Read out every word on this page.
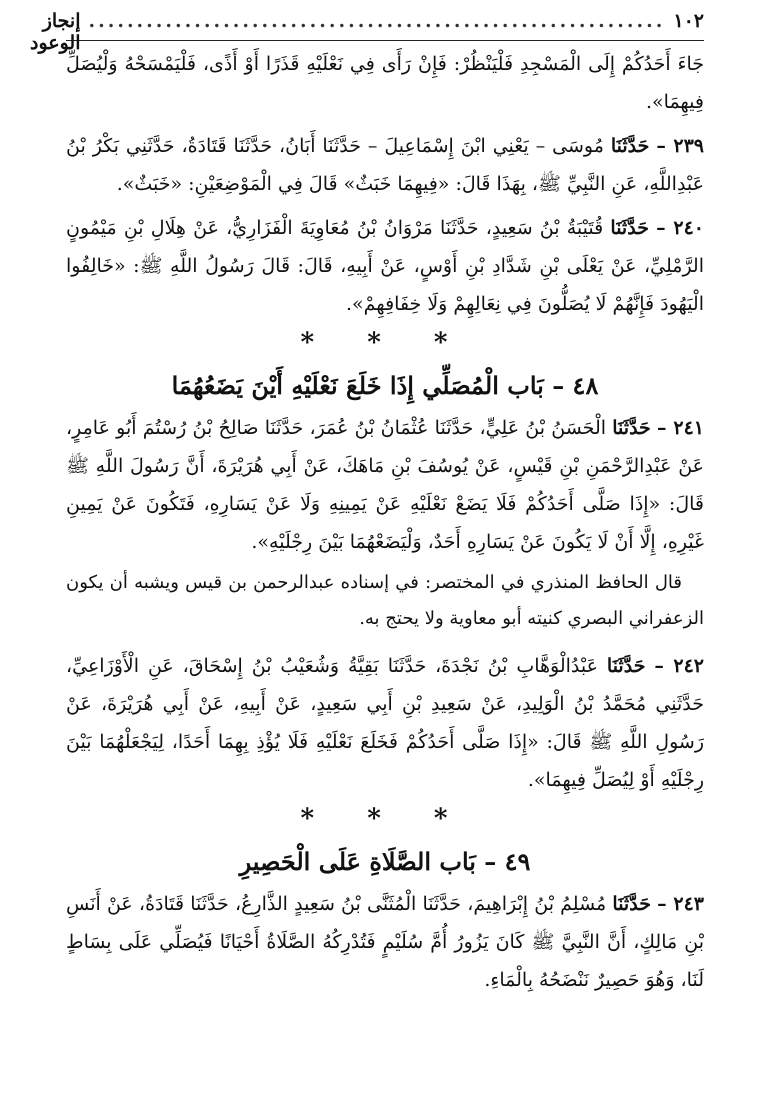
١٠٢
............................................................
إنجاز الوعود

جَاءَ أَحَدُكُمْ إِلَى الْمَسْجِدِ فَلْيَنْظُرْ: فَإِنْ رَأَى فِي نَعْلَيْهِ قَذَرًا أَوْ أَذًى، فَلْيَمْسَحْهُ وَلْيُصَلِّ فِيهِمَا».

٢٣٩ – حَدَّثَنَا مُوسَى – يَعْنِي ابْنَ إِسْمَاعِيلَ – حَدَّثَنَا أَبَانُ، حَدَّثَنَا قَتَادَةُ، حَدَّثَنِي بَكْرُ بْنُ عَبْدِاللَّهِ، عَنِ النَّبِيِّ ﷺ، بِهَذَا قَالَ: «فِيهِمَا خَبَثٌ» قَالَ فِي الْمَوْضِعَيْنِ: «خَبَثٌ».

٢٤٠ – حَدَّثَنَا قُتَيْبَةُ بْنُ سَعِيدٍ، حَدَّثَنَا مَرْوَانُ بْنُ مُعَاوِيَةَ الْفَزَارِيُّ، عَنْ هِلَالِ بْنِ مَيْمُونٍ الرَّمْلِيِّ، عَنْ يَعْلَى بْنِ شَدَّادِ بْنِ أَوْسٍ، عَنْ أَبِيهِ، قَالَ: قَالَ رَسُولُ اللَّهِ ﷺ: «خَالِفُوا الْيَهُودَ فَإِنَّهُمْ لَا يُصَلُّونَ فِي نِعَالِهِمْ وَلَا خِفَافِهِمْ».

* * *
٤٨ – بَاب الْمُصَلِّي إِذَا خَلَعَ نَعْلَيْهِ أَيْنَ يَضَعُهُمَا

٢٤١ – حَدَّثَنَا الْحَسَنُ بْنُ عَلِيٍّ، حَدَّثَنَا عُثْمَانُ بْنُ عُمَرَ، حَدَّثَنَا صَالِحُ بْنُ رُسْتُمَ أَبُو عَامِرٍ، عَنْ عَبْدِالرَّحْمَنِ بْنِ قَيْسٍ، عَنْ يُوسُفَ بْنِ مَاهَكَ، عَنْ أَبِي هُرَيْرَةَ، أَنَّ رَسُولَ اللَّهِ ﷺ قَالَ: «إِذَا صَلَّى أَحَدُكُمْ فَلَا يَضَعْ نَعْلَيْهِ عَنْ يَمِينِهِ وَلَا عَنْ يَسَارِهِ، فَتَكُونَ عَنْ يَمِينِ غَيْرِهِ، إِلَّا أَنْ لَا يَكُونَ عَنْ يَسَارِهِ أَحَدٌ، وَلْيَضَعْهُمَا بَيْنَ رِجْلَيْهِ».

قال الحافظ المنذري في المختصر: في إسناده عبدالرحمن بن قيس ويشبه أن يكون الزعفراني البصري كنيته أبو معاوية ولا يحتج به.

٢٤٢ – حَدَّثَنَا عَبْدُالْوَهَّابِ بْنُ نَجْدَةَ، حَدَّثَنَا بَقِيَّةُ وَشُعَيْبُ بْنُ إِسْحَاقَ، عَنِ الْأَوْزَاعِيِّ، حَدَّثَنِي مُحَمَّدُ بْنُ الْوَلِيدِ، عَنْ سَعِيدِ بْنِ أَبِي سَعِيدٍ، عَنْ أَبِيهِ، عَنْ أَبِي هُرَيْرَةَ، عَنْ رَسُولِ اللَّهِ ﷺ قَالَ: «إِذَا صَلَّى أَحَدُكُمْ فَخَلَعَ نَعْلَيْهِ فَلَا يُؤْذِ بِهِمَا أَحَدًا، لِيَجْعَلْهُمَا بَيْنَ رِجْلَيْهِ أَوْ لِيُصَلِّ فِيهِمَا».

* * *
٤٩ – بَاب الصَّلَاةِ عَلَى الْحَصِيرِ

٢٤٣ – حَدَّثَنَا مُسْلِمُ بْنُ إِبْرَاهِيمَ، حَدَّثَنَا الْمُثَنَّى بْنُ سَعِيدٍ الذَّارِعُ، حَدَّثَنَا قَتَادَةُ، عَنْ أَنَسِ بْنِ مَالِكٍ، أَنَّ النَّبِيَّ ﷺ كَانَ يَزُورُ أُمَّ سُلَيْمٍ فَتُدْرِكُهُ الصَّلَاةُ أَحْيَانًا فَيُصَلِّي عَلَى بِسَاطٍ لَنَا، وَهُوَ حَصِيرٌ نَنْضَحُهُ بِالْمَاءِ.
